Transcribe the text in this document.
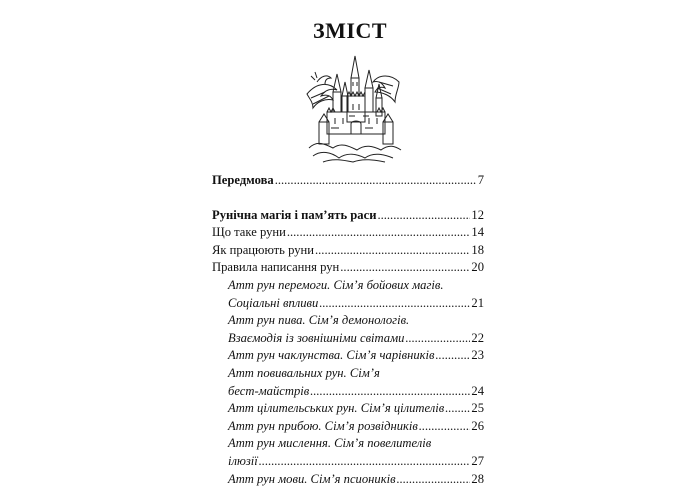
ЗМІСТ
Передмова .....	7
Рунічна магія і пам’ять раси .....	12
Що таке руни .....	14
Як працюють руни .....	18
Правила написання рун .....	20
Атт рун перемоги. Сім’я бойових магів.
Соціальні впливи .....	21
Атт рун пива. Сім’я демонологів.
Взаємодія із зовнішніми світами .....	22
Атт рун чаклунства. Сім’я чарівників .....	23
Атт повивальних рун. Сім’я
бест-майстрів .....	24
Атт цілительських рун. Сім’я цілителів ..... 25
Атт рун прибою. Сім’я розвідників .....	26
Атт рун мислення. Сім’я повелителів
ілюзії .....	27
Атт рун мови. Сім’я псиоників .....	28
